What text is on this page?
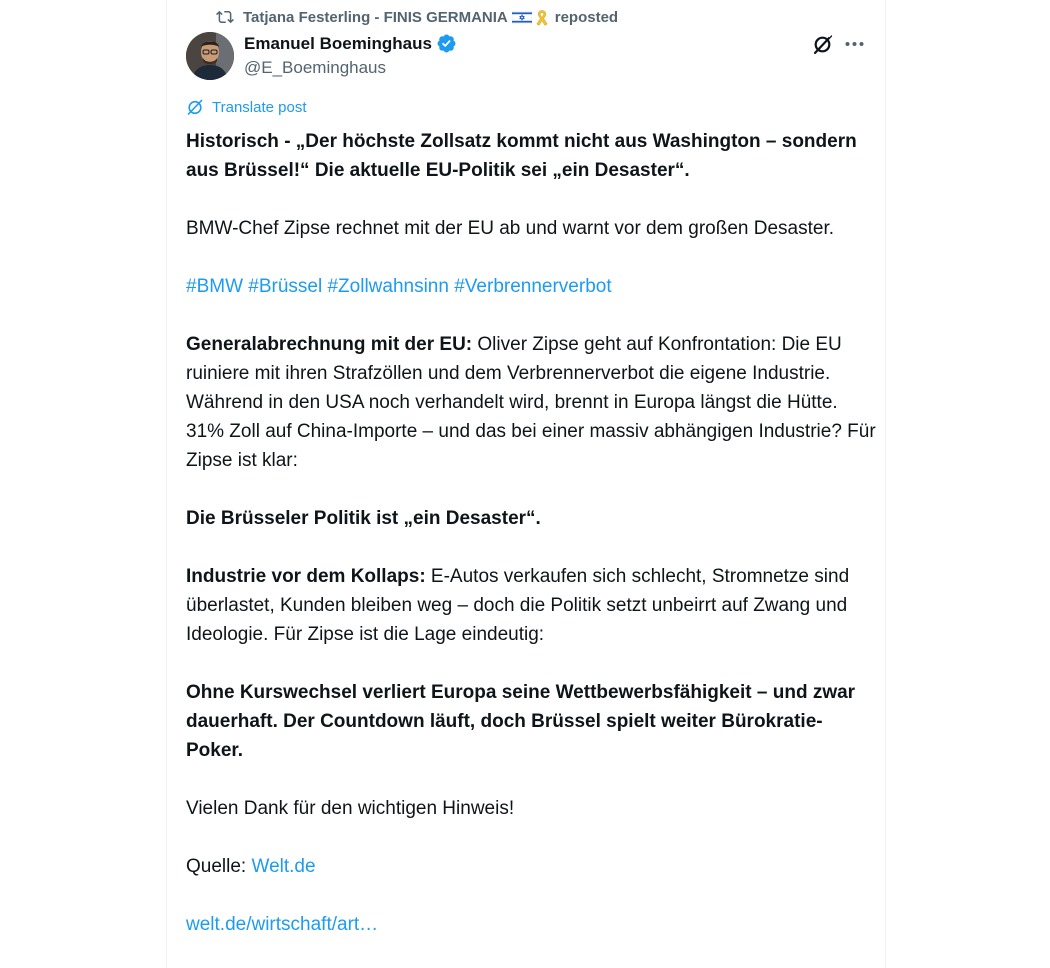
Tatjana Festerling - FINIS GERMANIA	reposted
Emanuel Boeminghaus
@E_Boeminghaus
Translate post

Historisch - „Der höchste Zollsatz kommt nicht aus Washington – sondern aus Brüssel!“ Die aktuelle EU-Politik sei „ein Desaster“.

BMW-Chef Zipse rechnet mit der EU ab und warnt vor dem großen Desaster.

#BMW #Brüssel #Zollwahnsinn #Verbrennerverbot

Generalabrechnung mit der EU: Oliver Zipse geht auf Konfrontation: Die EU ruiniere mit ihren Strafzöllen und dem Verbrennerverbot die eigene Industrie. Während in den USA noch verhandelt wird, brennt in Europa längst die Hütte. 31% Zoll auf China-Importe – und das bei einer massiv abhängigen Industrie? Für Zipse ist klar:

Die Brüsseler Politik ist „ein Desaster“.

Industrie vor dem Kollaps: E-Autos verkaufen sich schlecht, Stromnetze sind überlastet, Kunden bleiben weg – doch die Politik setzt unbeirrt auf Zwang und Ideologie. Für Zipse ist die Lage eindeutig:

Ohne Kurswechsel verliert Europa seine Wettbewerbsfähigkeit – und zwar dauerhaft. Der Countdown läuft, doch Brüssel spielt weiter Bürokratie-Poker.

Vielen Dank für den wichtigen Hinweis!

Quelle: Welt.de

welt.de/wirtschaft/art…
